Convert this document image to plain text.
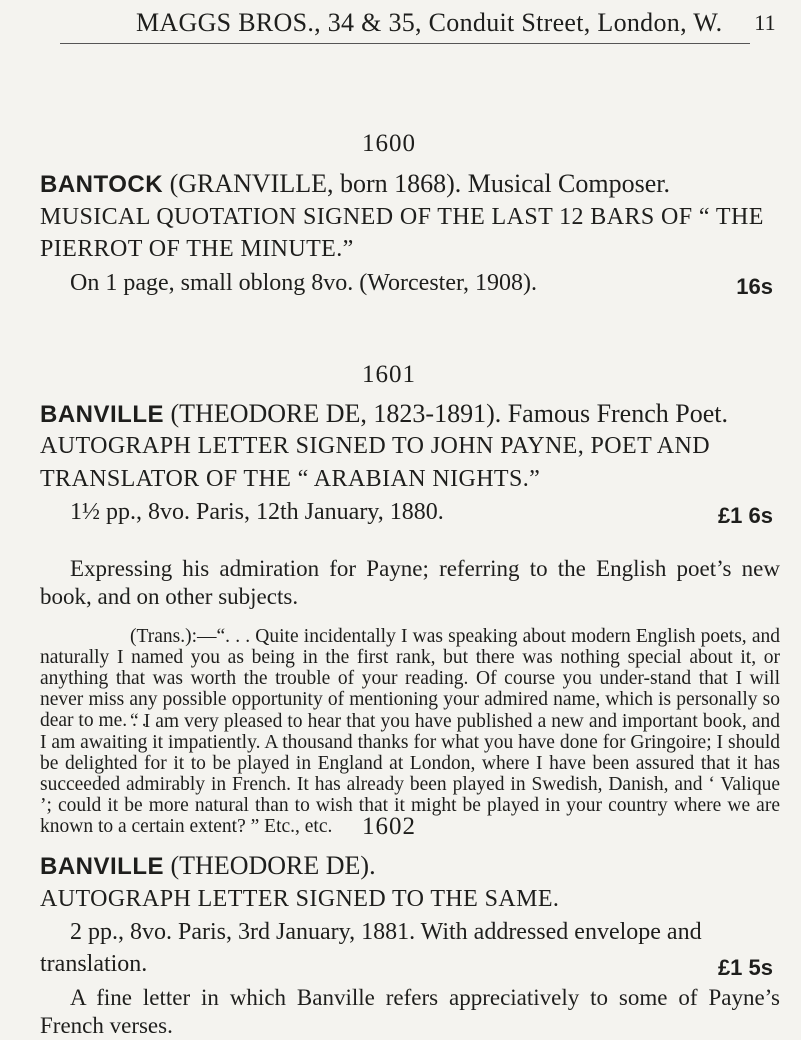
MAGGS BROS., 34 & 35, Conduit Street, London, W. 11
1600
BANTOCK (GRANVILLE, born 1868). Musical Composer.
MUSICAL QUOTATION SIGNED OF THE LAST 12 BARS OF “ THE
PIERROT OF THE MINUTE.”
On 1 page, small oblong 8vo. (Worcester, 1908).	16s
1601
BANVILLE (THEODORE DE, 1823-1891). Famous French Poet.
AUTOGRAPH LETTER SIGNED TO JOHN PAYNE, POET AND
TRANSLATOR OF THE “ ARABIAN NIGHTS.”
1½ pp., 8vo. Paris, 12th January, 1880.	£1 6s

Expressing his admiration for Payne; referring to the English poet’s new book, and on other subjects.

(Trans.):—“. . . Quite incidentally I was speaking about modern English poets, and naturally I named you as being in the first rank, but there was nothing special about it, or anything that was worth the trouble of your reading. Of course you under-stand that I will never miss any possible opportunity of mentioning your admired name, which is personally so dear to me. . .

“ I am very pleased to hear that you have published a new and important book, and I am awaiting it impatiently. A thousand thanks for what you have done for Gringoire; I should be delighted for it to be played in England at London, where I have been assured that it has succeeded admirably in French. It has already been played in Swedish, Danish, and ‘ Valique ’; could it be more natural than to wish that it might be played in your country where we are known to a certain extent? ” Etc., etc.	1602
BANVILLE (THEODORE DE).
AUTOGRAPH LETTER SIGNED TO THE SAME.
2 pp., 8vo. Paris, 3rd January, 1881. With addressed envelope and
translation.	£1 5s

A fine letter in which Banville refers appreciatively to some of Payne’s French verses.
